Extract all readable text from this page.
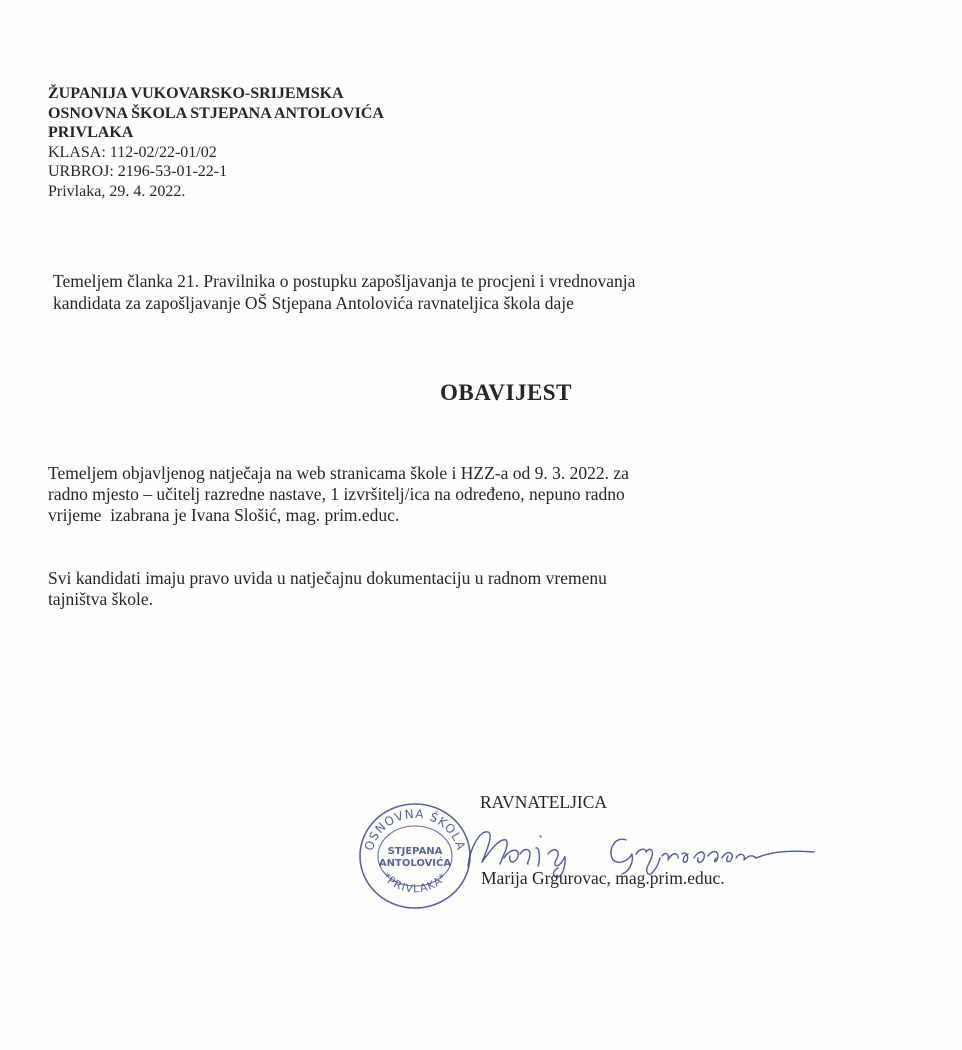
ŽUPANIJA VUKOVARSKO-SRIJEMSKA
OSNOVNA ŠKOLA STJEPANA ANTOLOVIĆA
PRIVLAKA
KLASA: 112-02/22-01/02
URBROJ: 2196-53-01-22-1
Privlaka, 29. 4. 2022.
Temeljem članka 21. Pravilnika o postupku zapošljavanja te procjeni i vrednovanja
kandidata za zapošljavanje OŠ Stjepana Antolovića ravnateljica škola daje
OBAVIJEST
Temeljem objavljenog natječaja na web stranicama škole i HZZ-a od 9. 3. 2022. za
radno mjesto – učitelj razredne nastave, 1 izvršitelj/ica na određeno, nepuno radno
vrijeme  izabrana je Ivana Slošić, mag. prim.educ.
Svi kandidati imaju pravo uvida u natječajnu dokumentaciju u radnom vremenu
tajništva škole.
RAVNATELJICA
OSNOVNA ŠKOLA
STJEPANA
ANTOLOVIĆA
*PRIVLAKA* Marija Grgurovac, mag.prim.educ.
